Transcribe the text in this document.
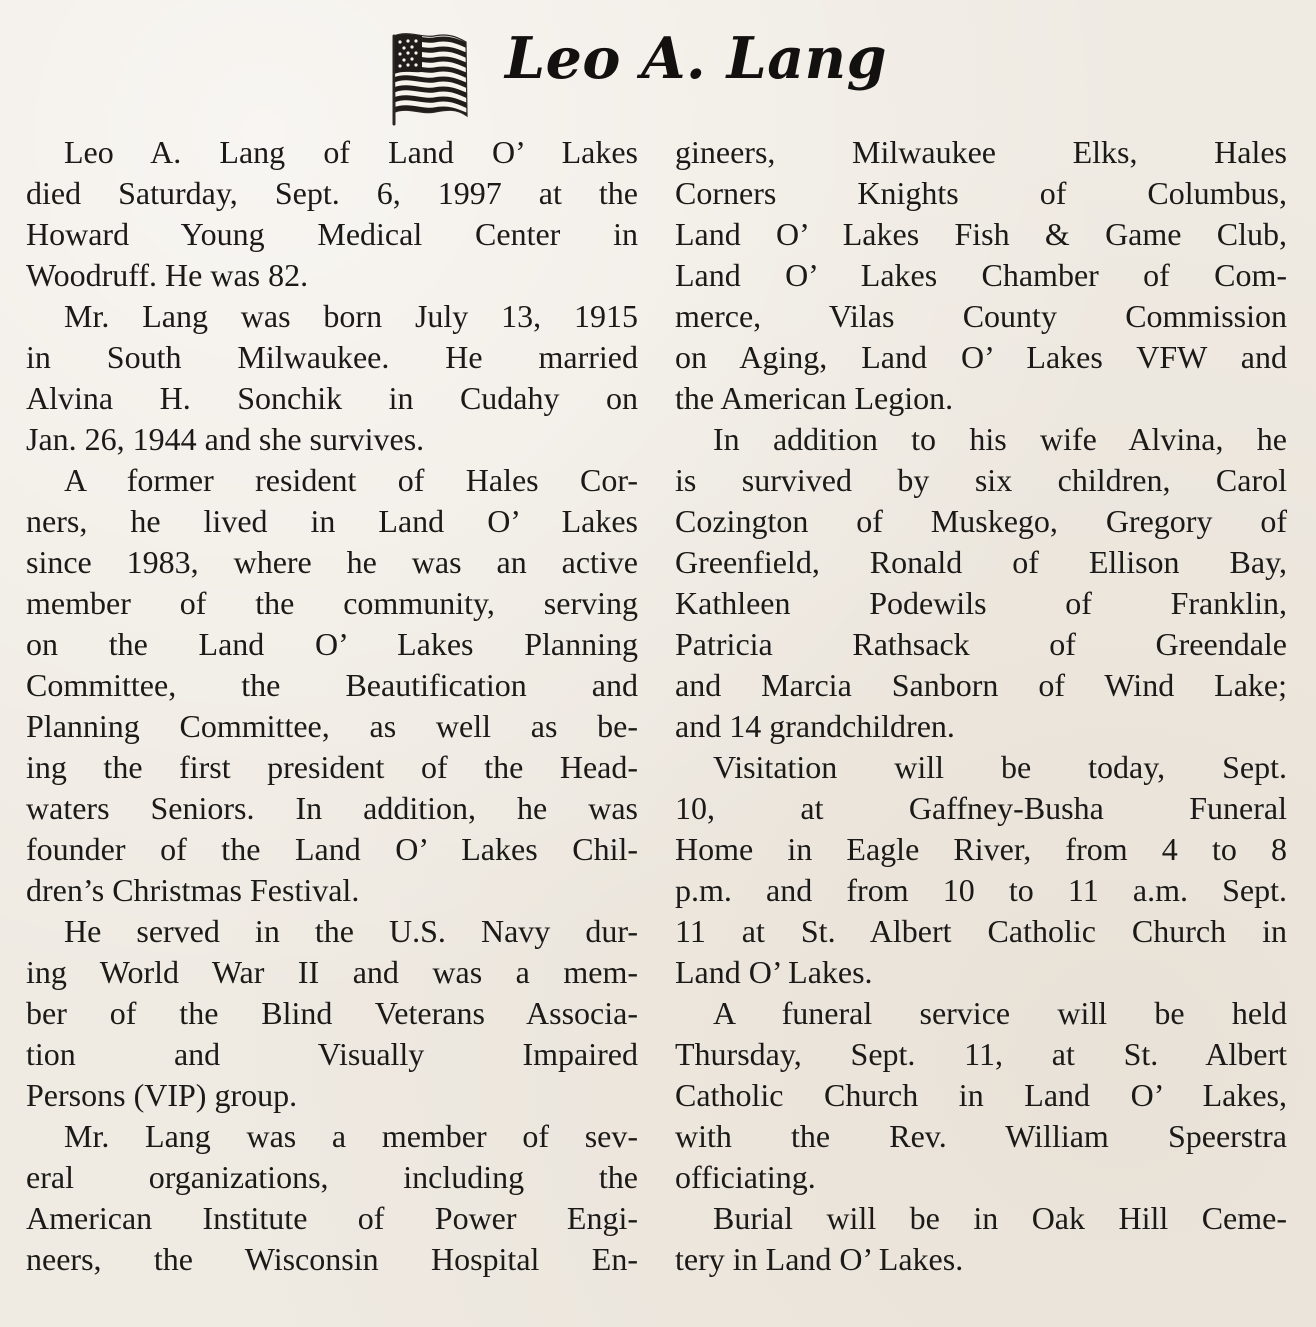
Leo A. Lang
Leo A. Lang of Land O’ Lakes
died Saturday, Sept. 6, 1997 at the
Howard Young Medical Center in
Woodruff. He was 82.
Mr. Lang was born July 13, 1915
in South Milwaukee. He married
Alvina H. Sonchik in Cudahy on
Jan. 26, 1944 and she survives.
A former resident of Hales Cor-
ners, he lived in Land O’ Lakes
since 1983, where he was an active
member of the community, serving
on the Land O’ Lakes Planning
Committee, the Beautification and
Planning Committee, as well as be-
ing the first president of the Head-
waters Seniors. In addition, he was
founder of the Land O’ Lakes Chil-
dren’s Christmas Festival.
He served in the U.S. Navy dur-
ing World War II and was a mem-
ber of the Blind Veterans Associa-
tion and Visually Impaired
Persons (VIP) group.
Mr. Lang was a member of sev-
eral organizations, including the
American Institute of Power Engi-
neers, the Wisconsin Hospital En-
gineers, Milwaukee Elks, Hales
Corners Knights of Columbus,
Land O’ Lakes Fish & Game Club,
Land O’ Lakes Chamber of Com-
merce, Vilas County Commission
on Aging, Land O’ Lakes VFW and
the American Legion.
In addition to his wife Alvina, he
is survived by six children, Carol
Cozington of Muskego, Gregory of
Greenfield, Ronald of Ellison Bay,
Kathleen Podewils of Franklin,
Patricia Rathsack of Greendale
and Marcia Sanborn of Wind Lake;
and 14 grandchildren.
Visitation will be today, Sept.
10, at Gaffney-Busha Funeral
Home in Eagle River, from 4 to 8
p.m. and from 10 to 11 a.m. Sept.
11 at St. Albert Catholic Church in
Land O’ Lakes.
A funeral service will be held
Thursday, Sept. 11, at St. Albert
Catholic Church in Land O’ Lakes,
with the Rev. William Speerstra
officiating.
Burial will be in Oak Hill Ceme-
tery in Land O’ Lakes.
